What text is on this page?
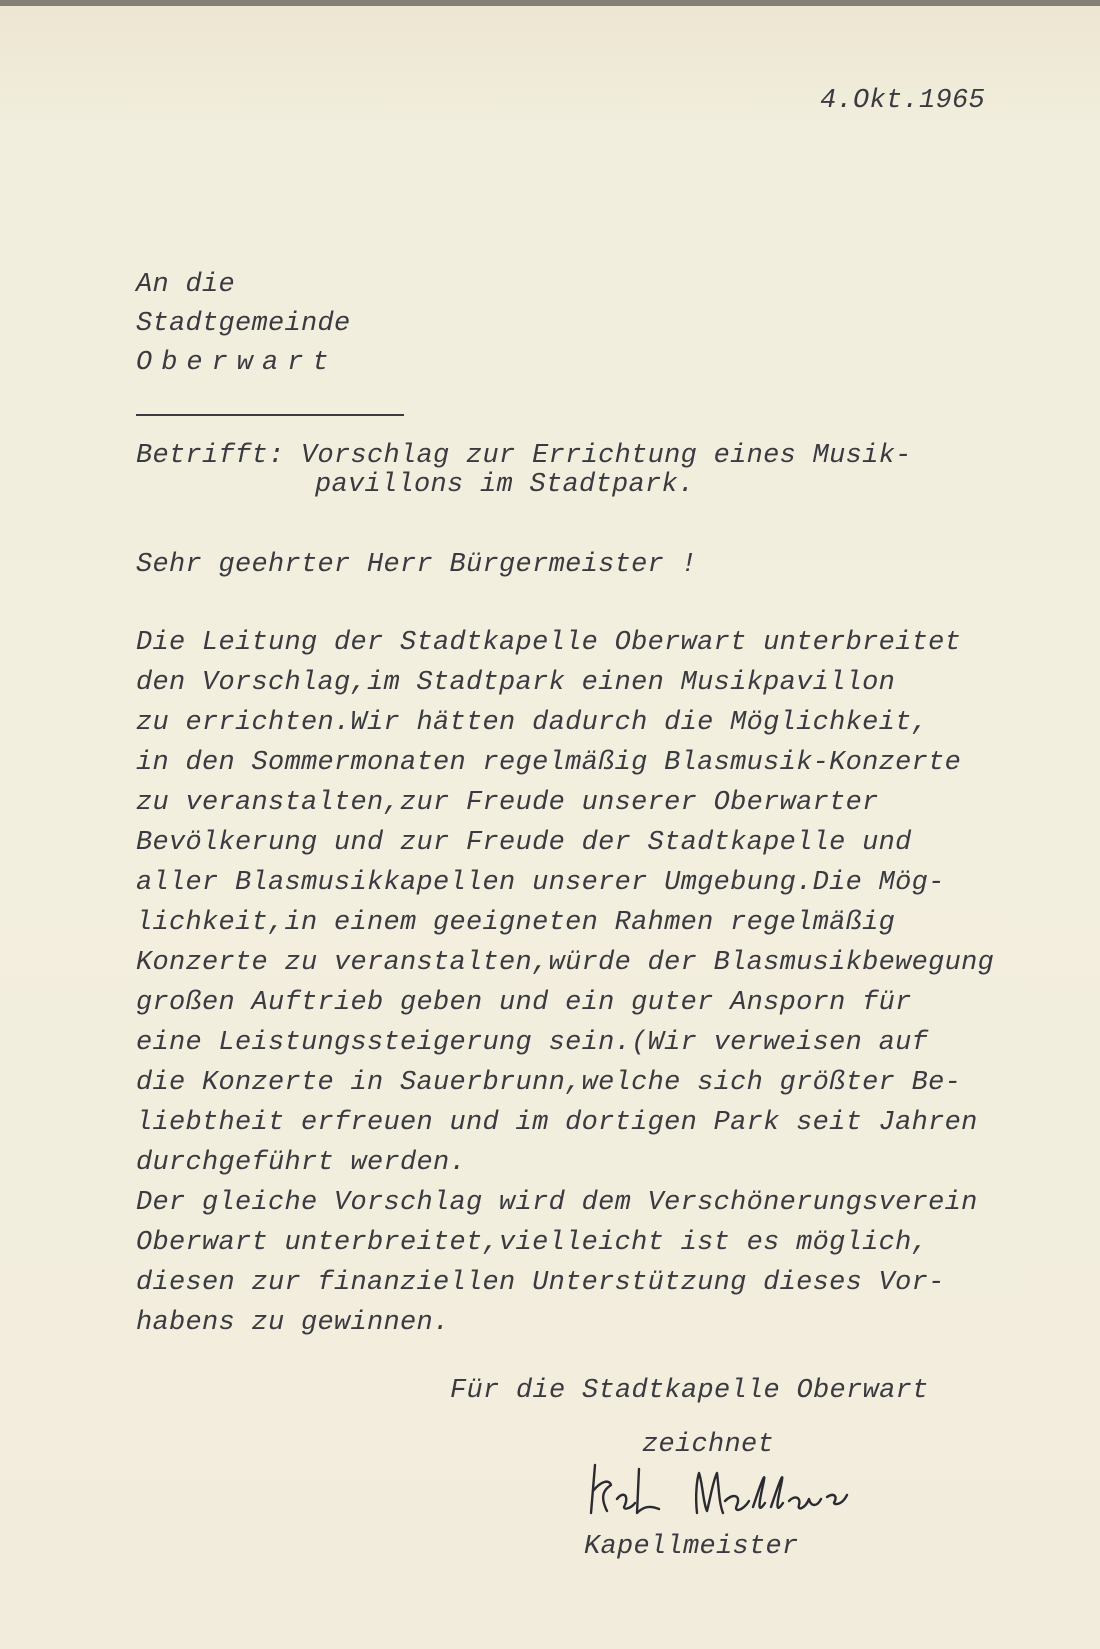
4.Okt.1965
An die
Stadtgemeinde
Oberwart
Betrifft: Vorschlag zur Errichtung eines Musik-
pavillons im Stadtpark.
Sehr geehrter Herr Bürgermeister !
Die Leitung der Stadtkapelle Oberwart unterbreitet
den Vorschlag,im Stadtpark einen Musikpavillon
zu errichten.Wir hätten dadurch die Möglichkeit,
in den Sommermonaten regelmäßig Blasmusik-Konzerte
zu veranstalten,zur Freude unserer Oberwarter
Bevölkerung und zur Freude der Stadtkapelle und
aller Blasmusikkapellen unserer Umgebung.Die Mög-
lichkeit,in einem geeigneten Rahmen regelmäßig
Konzerte zu veranstalten,würde der Blasmusikbewegung
großen Auftrieb geben und ein guter Ansporn für
eine Leistungssteigerung sein.(Wir verweisen auf
die Konzerte in Sauerbrunn,welche sich größter Be-
liebtheit erfreuen und im dortigen Park seit Jahren
durchgeführt werden.
Der gleiche Vorschlag wird dem Verschönerungsverein
Oberwart unterbreitet,vielleicht ist es möglich,
diesen zur finanziellen Unterstützung dieses Vor-
habens zu gewinnen.
Für die Stadtkapelle Oberwart
zeichnet
Kapellmeister
